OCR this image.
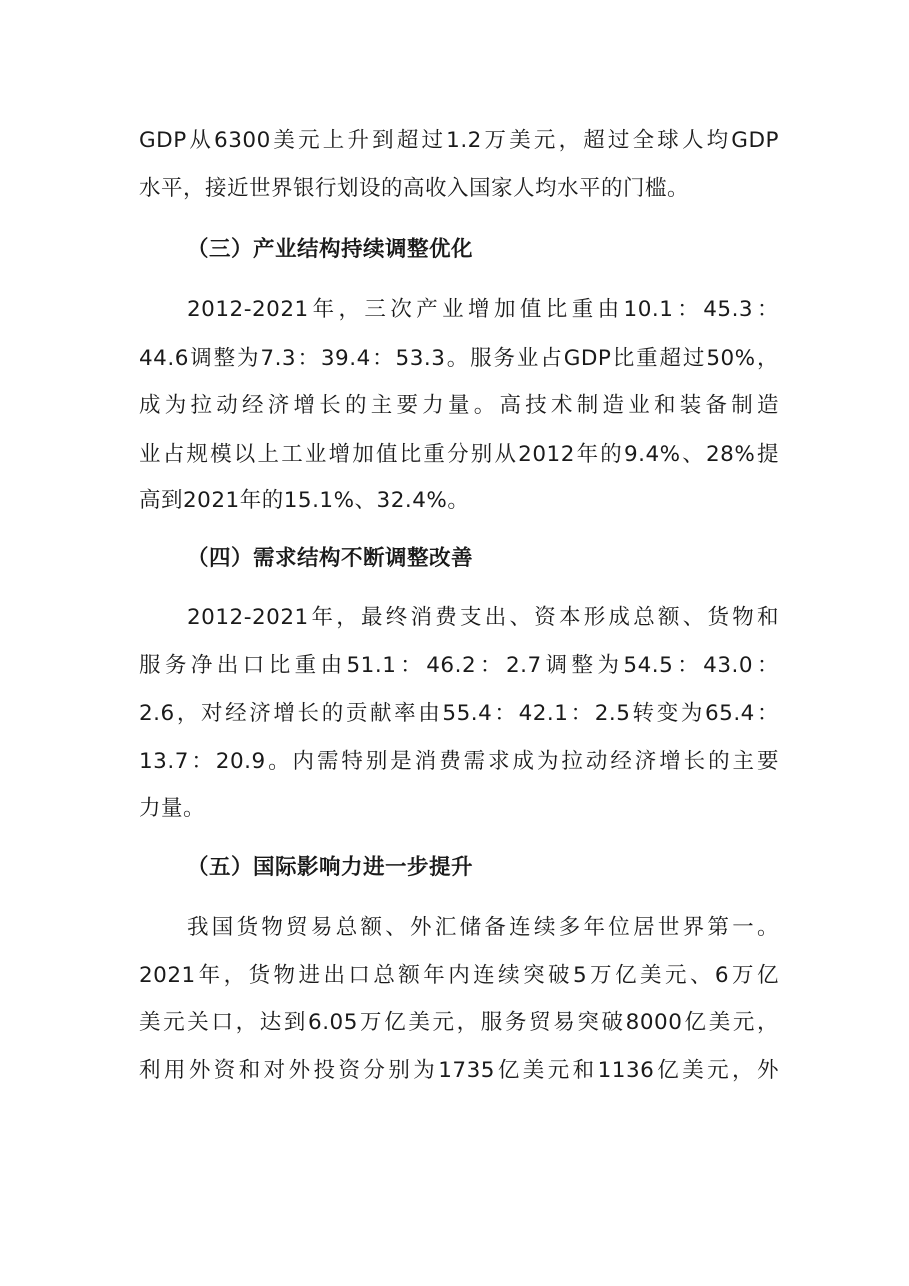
GDP从6300美元上升到超过1.2万美元，超过全球人均GDP
水平，接近世界银行划设的高收入国家人均水平的门槛。
（三）产业结构持续调整优化
2012-2021年，三次产业增加值比重由10.1：45.3：
44.6调整为7.3：39.4：53.3。服务业占GDP比重超过50%，
成为拉动经济增长的主要力量。高技术制造业和装备制造
业占规模以上工业增加值比重分别从2012年的9.4%、28%提
高到2021年的15.1%、32.4%。
（四）需求结构不断调整改善
2012-2021年，最终消费支出、资本形成总额、货物和
服务净出口比重由51.1：46.2：2.7调整为54.5：43.0：
2.6，对经济增长的贡献率由55.4：42.1：2.5转变为65.4：
13.7：20.9。内需特别是消费需求成为拉动经济增长的主要
力量。
（五）国际影响力进一步提升
我国货物贸易总额、外汇储备连续多年位居世界第一。
2021年，货物进出口总额年内连续突破5万亿美元、6万亿
美元关口，达到6.05万亿美元，服务贸易突破8000亿美元，
利用外资和对外投资分别为1735亿美元和1136亿美元，外
